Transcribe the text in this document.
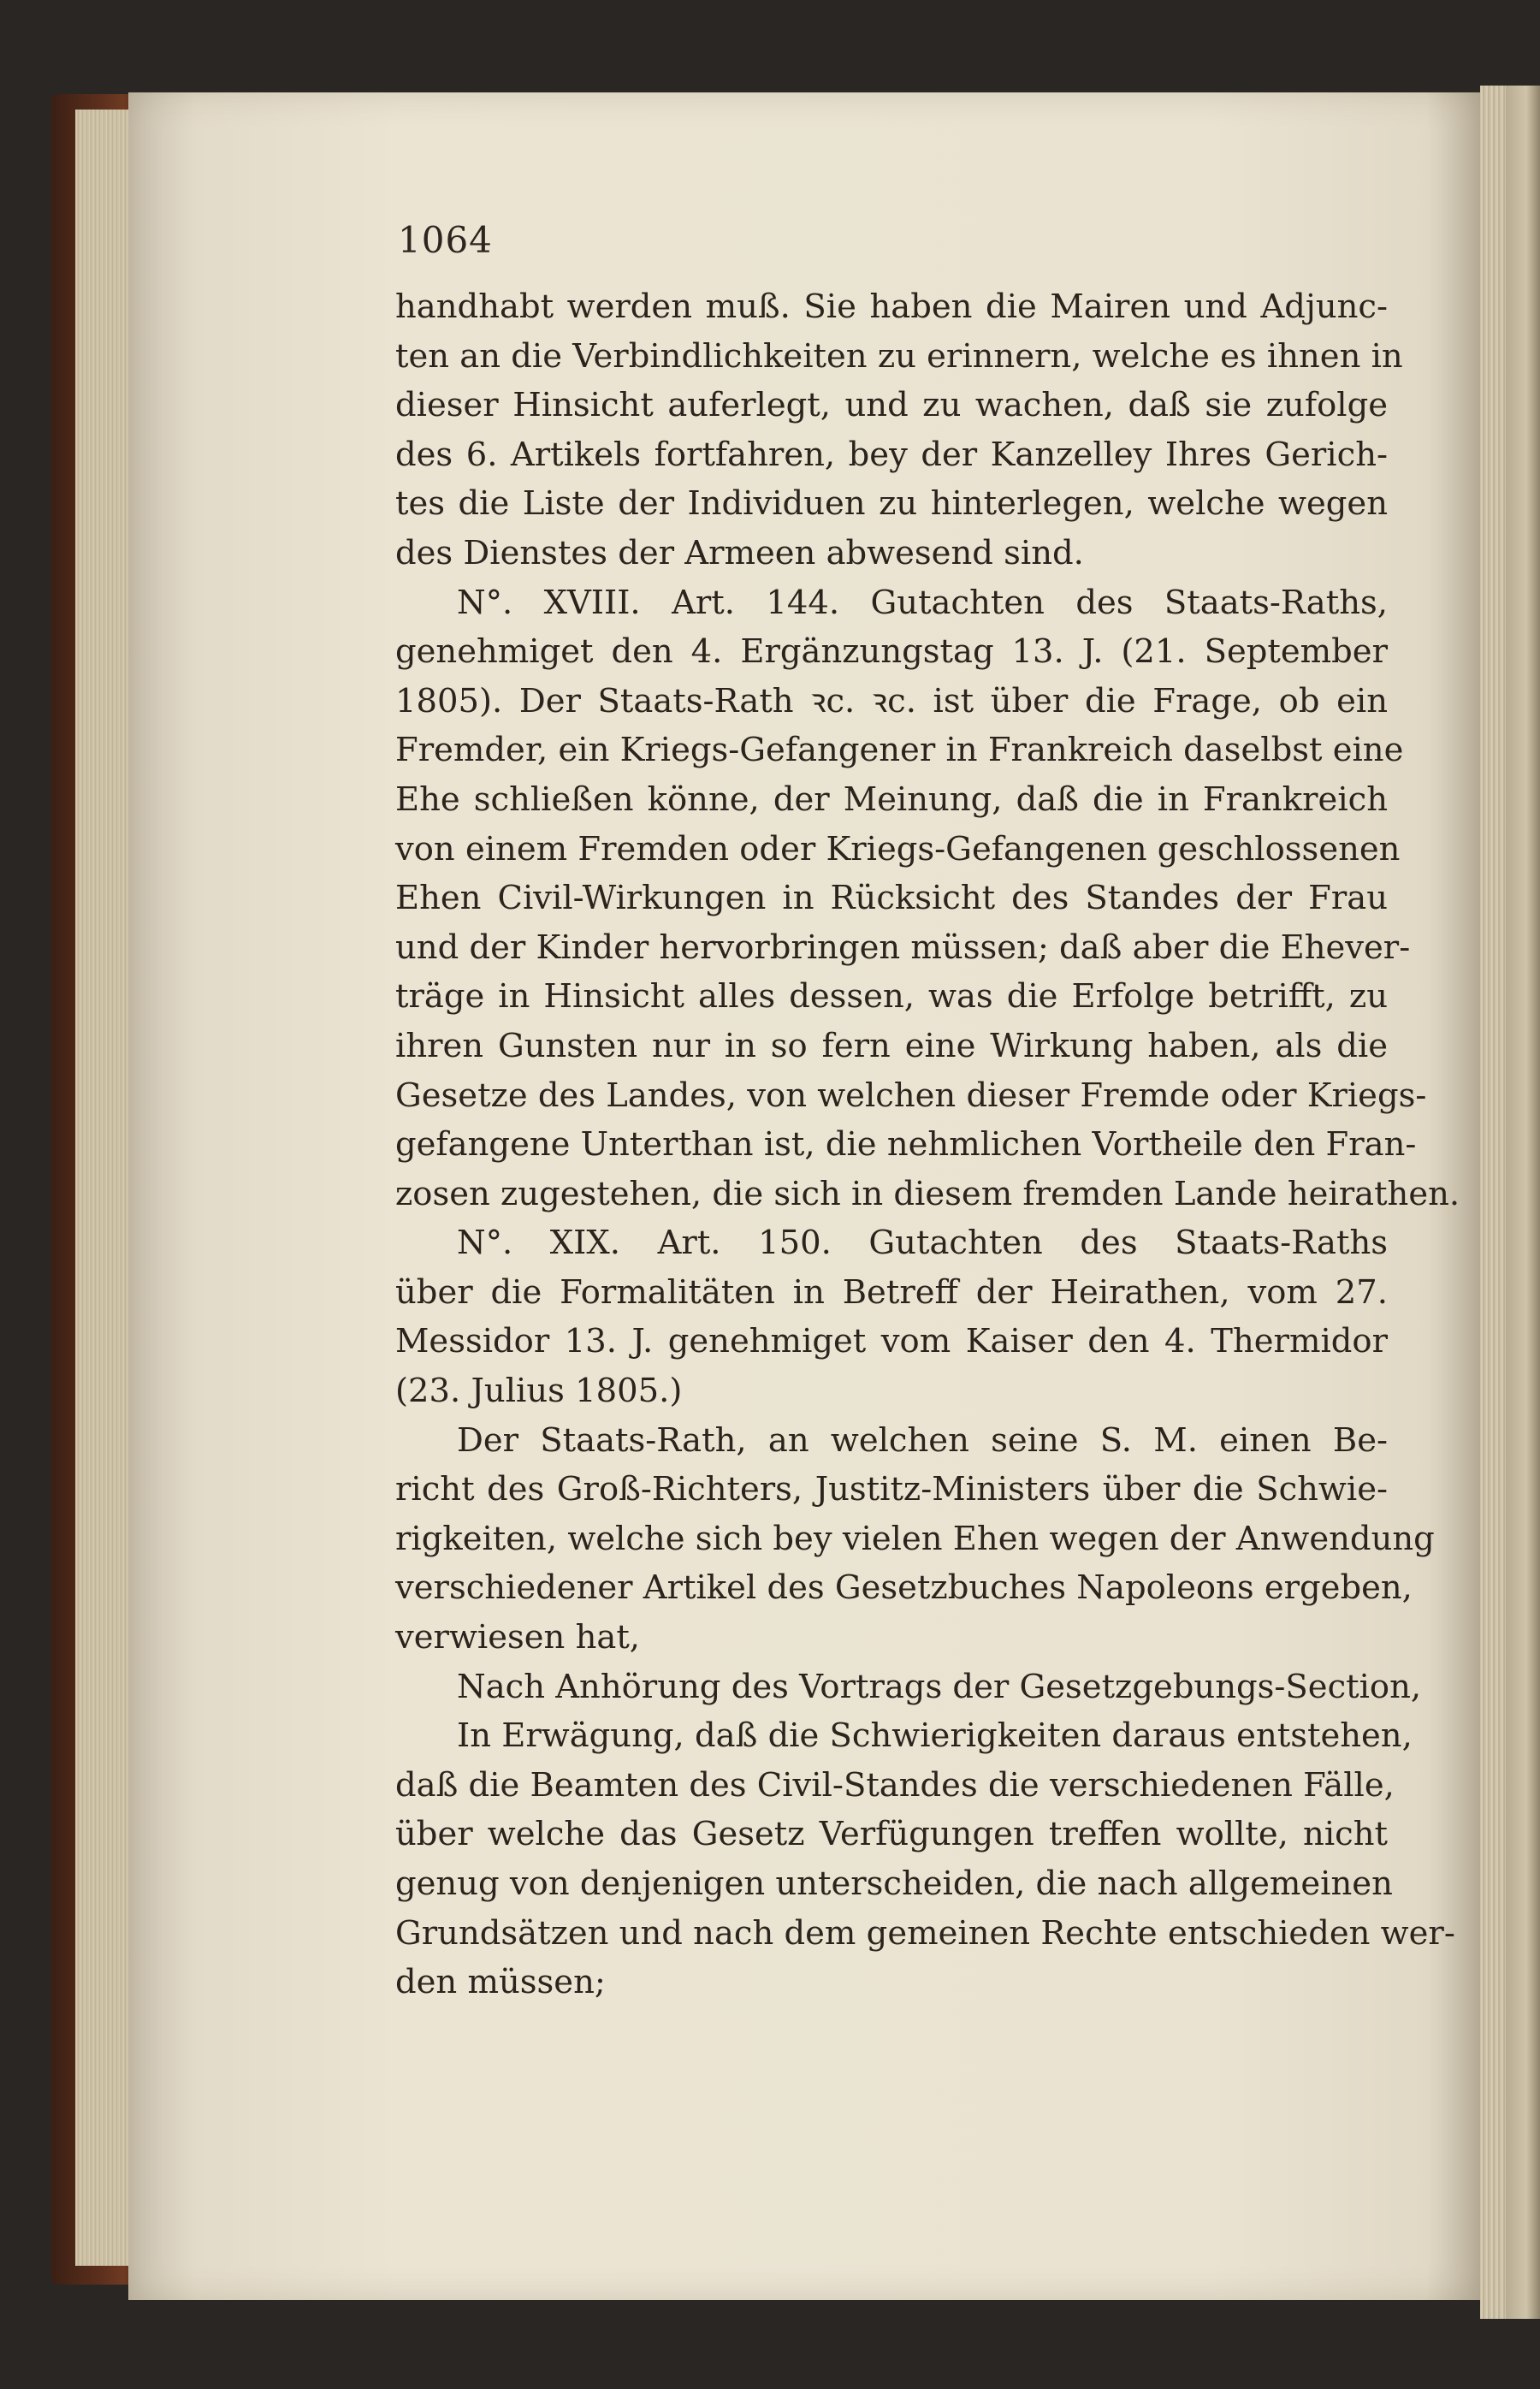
1064
handhabt werden muß. Sie haben die Mairen und Adjunc-
ten an die Verbindlichkeiten zu erinnern, welche es ihnen in
dieser Hinsicht auferlegt, und zu wachen, daß sie zufolge
des 6. Artikels fortfahren, bey der Kanzelley Ihres Gerich-
tes die Liste der Individuen zu hinterlegen, welche wegen
des Dienstes der Armeen abwesend sind.
N°. XVIII. Art. 144. Gutachten des Staats-Raths,
genehmiget den 4. Ergänzungstag 13. J. (21. September
1805). Der Staats-Rath ꝛc. ꝛc. ist über die Frage, ob ein
Fremder, ein Kriegs-Gefangener in Frankreich daselbst eine
Ehe schließen könne, der Meinung, daß die in Frankreich
von einem Fremden oder Kriegs-Gefangenen geschlossenen
Ehen Civil-Wirkungen in Rücksicht des Standes der Frau
und der Kinder hervorbringen müssen; daß aber die Ehever-
träge in Hinsicht alles dessen, was die Erfolge betrifft, zu
ihren Gunsten nur in so fern eine Wirkung haben, als die
Gesetze des Landes, von welchen dieser Fremde oder Kriegs-
gefangene Unterthan ist, die nehmlichen Vortheile den Fran-
zosen zugestehen, die sich in diesem fremden Lande heirathen.
N°. XIX. Art. 150. Gutachten des Staats-Raths
über die Formalitäten in Betreff der Heirathen, vom 27.
Messidor 13. J. genehmiget vom Kaiser den 4. Thermidor
(23. Julius 1805.)
Der Staats-Rath, an welchen seine S. M. einen Be-
richt des Groß-Richters, Justitz-Ministers über die Schwie-
rigkeiten, welche sich bey vielen Ehen wegen der Anwendung
verschiedener Artikel des Gesetzbuches Napoleons ergeben,
verwiesen hat,
Nach Anhörung des Vortrags der Gesetzgebungs-Section,
In Erwägung, daß die Schwierigkeiten daraus entstehen,
daß die Beamten des Civil-Standes die verschiedenen Fälle,
über welche das Gesetz Verfügungen treffen wollte, nicht
genug von denjenigen unterscheiden, die nach allgemeinen
Grundsätzen und nach dem gemeinen Rechte entschieden wer-
den müssen;
